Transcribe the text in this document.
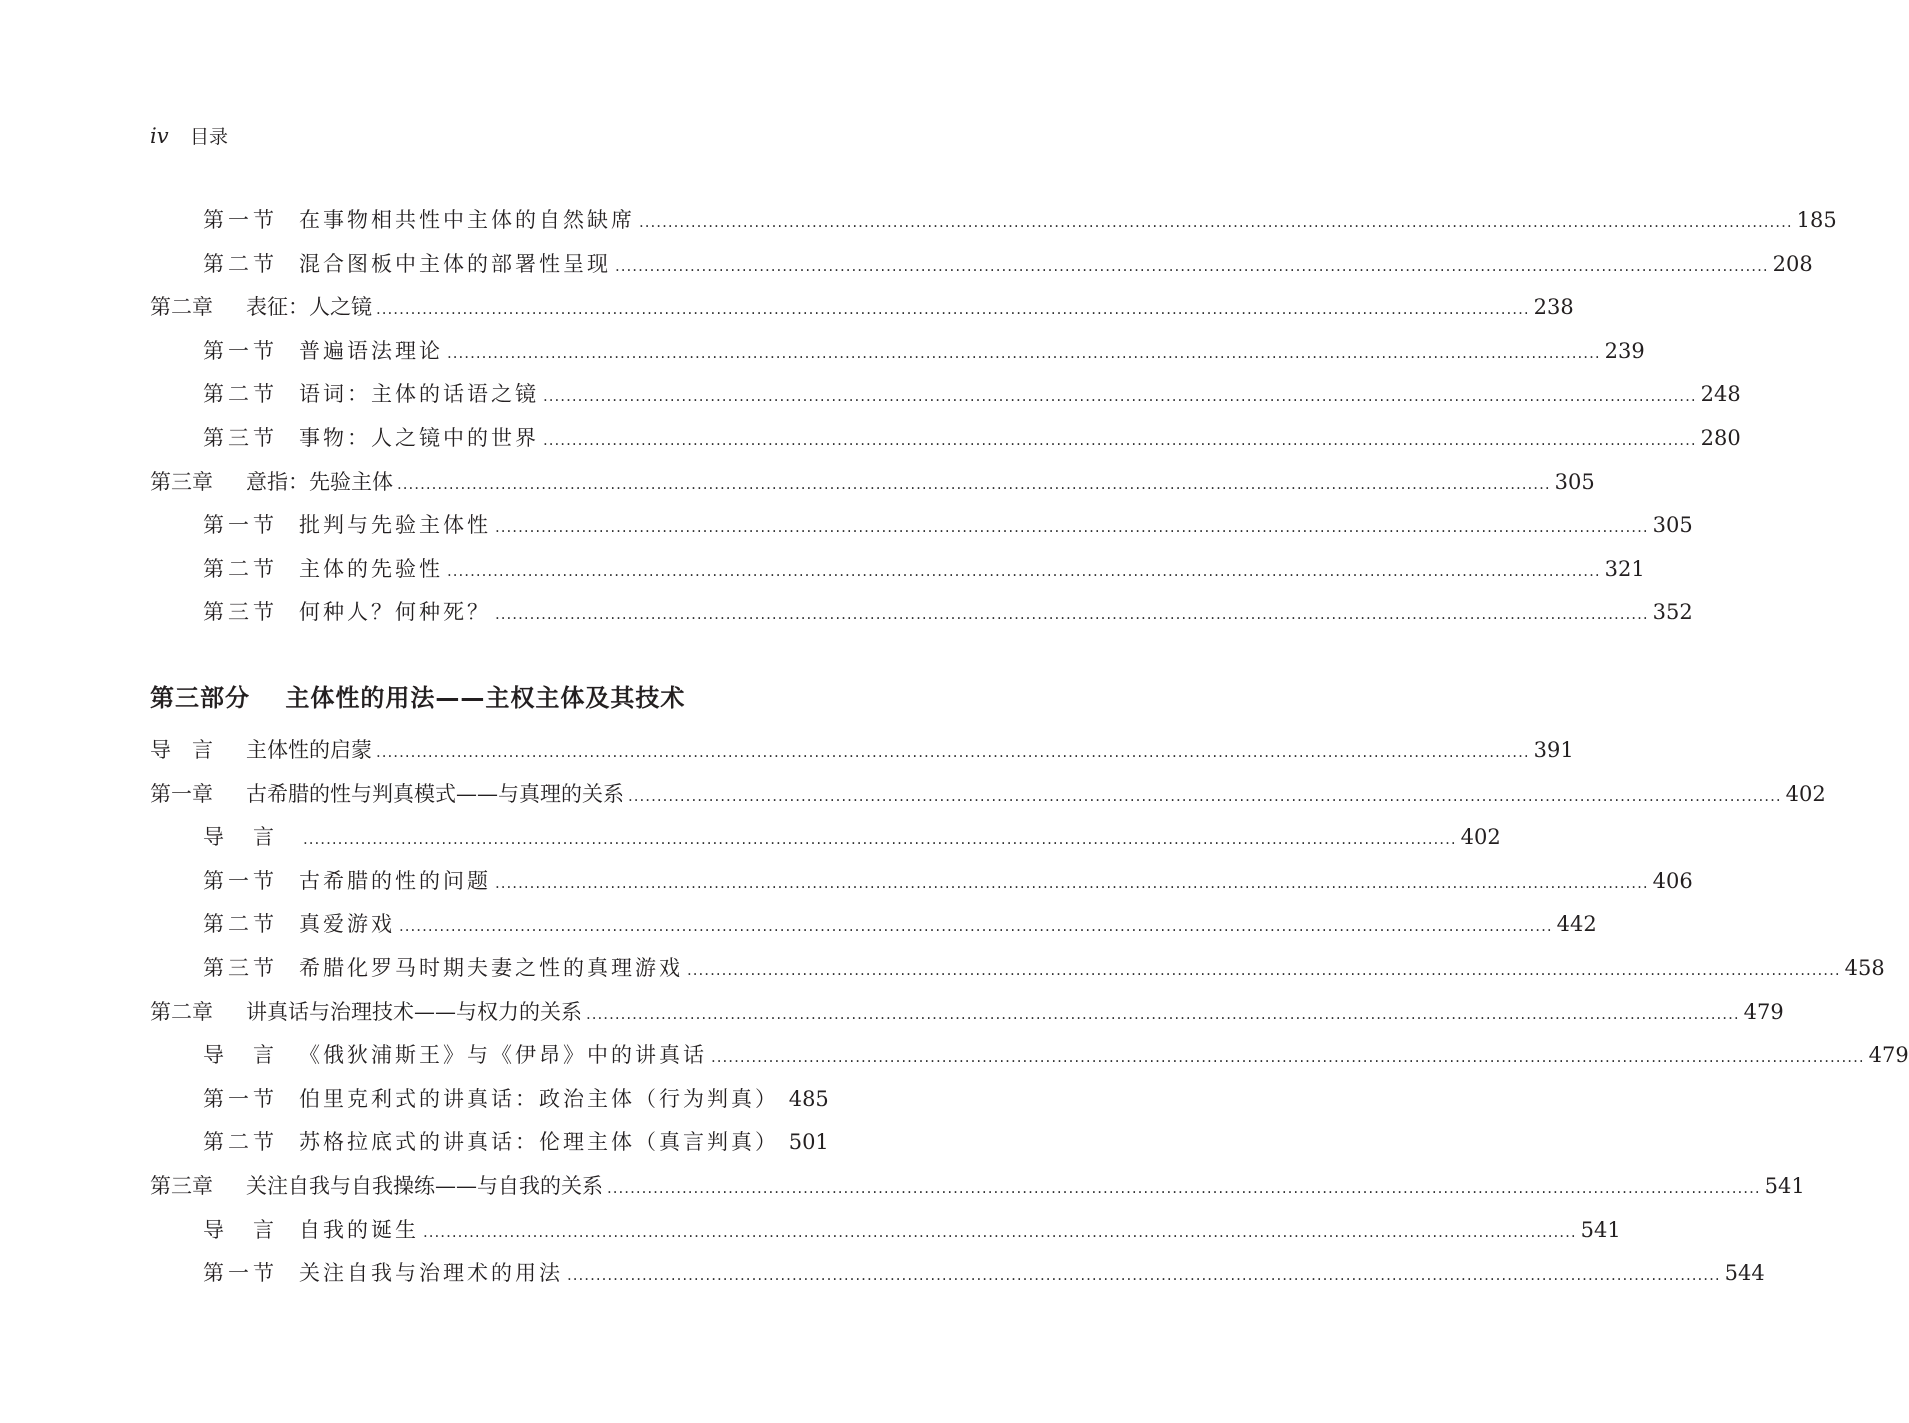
iv	目录
第一节	在事物相共性中主体的自然缺席 ........................................................................................................................................................................................................ 185
第二节	混合图板中主体的部署性呈现 ........................................................................................................................................................................................................ 208
第二章	表征：人之镜 ........................................................................................................................................................................................................ 238
第一节	普遍语法理论 ........................................................................................................................................................................................................ 239
第二节	语词：主体的话语之镜 ........................................................................................................................................................................................................ 248
第三节	事物：人之镜中的世界 ........................................................................................................................................................................................................ 280
第三章	意指：先验主体 ........................................................................................................................................................................................................ 305
第一节	批判与先验主体性 ........................................................................................................................................................................................................ 305
第二节	主体的先验性 ........................................................................................................................................................................................................ 321
第三节	何种人？何种死？ ........................................................................................................................................................................................................ 352
导　言	主体性的启蒙 ........................................................................................................................................................................................................ 391
第一章	古希腊的性与判真模式——与真理的关系 ........................................................................................................................................................................................................ 402
导　言	........................................................................................................................................................................................................ 402
第一节	古希腊的性的问题 ........................................................................................................................................................................................................ 406
第二节	真爱游戏 ........................................................................................................................................................................................................ 442
第三节	希腊化罗马时期夫妻之性的真理游戏 ........................................................................................................................................................................................................ 458
第二章	讲真话与治理技术——与权力的关系 ........................................................................................................................................................................................................ 479
导　言	《俄狄浦斯王》与《伊昂》中的讲真话 ........................................................................................................................................................................................................ 479
第一节	伯里克利式的讲真话：政治主体（行为判真） 485
第二节	苏格拉底式的讲真话：伦理主体（真言判真） 501
第三章	关注自我与自我操练——与自我的关系 ........................................................................................................................................................................................................ 541
导　言	自我的诞生 ........................................................................................................................................................................................................ 541
第一节	关注自我与治理术的用法 ........................................................................................................................................................................................................ 544
第三部分 主体性的用法——主权主体及其技术
